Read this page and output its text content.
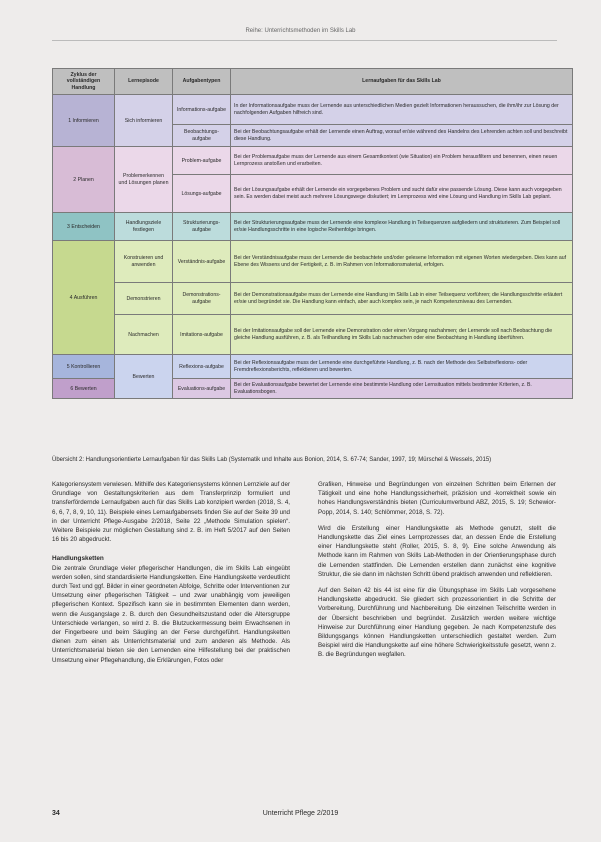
Reihe: Unterrichtsmethoden im Skills Lab
Zyklus der vollständigen Handlung	Lernepisode	Aufgabentypen	Lernaufgaben für das Skills Lab
1 Informieren	Sich informieren	Informations-aufgabe	In der Informationsaufgabe muss der Lernende aus unterschiedlichen Medien gezielt Informationen heraussuchen, die ihm/ihr zur Lösung der nachfolgenden Aufgaben hilfreich sind.
		Beobachtungs-aufgabe	Bei der Beobachtungsaufgabe erhält der Lernende einen Auftrag, worauf er/sie während des Handelns des Lehrenden achten soll und beschreibt diese Handlung.
2 Planen	Problemerkennen und Lösungen planen	Problem-aufgabe	Bei der Problemaufgabe muss der Lernende aus einem Gesamtkontext (wie Situation) ein Problem herausfiltern und benennen, einen neuen Lernprozess anstoßen und erarbeiten.
		Lösungs-aufgabe	Bei der Lösungsaufgabe erhält der Lernende ein vorgegebenes Problem und sucht dafür eine passende Lösung. Diese kann auch vorgegeben sein. Es werden dabei meist auch mehrere Lösungswege diskutiert; im Lernprozess wird eine Lösung und Handlung im Skills Lab geplant.
3 Entscheiden	Handlungsziele festlegen	Strukturierungs-aufgabe	Bei der Strukturierungsaufgabe muss der Lernende eine komplexe Handlung in Teilsequenzen aufgliedern und strukturieren. Zum Beispiel soll er/sie Handlungsschritte in eine logische Reihenfolge bringen.
4 Ausführen	Konstruieren und anwenden	Verständnis-aufgabe	Bei der Verständnisaufgabe muss der Lernende die beobachtete und/oder gelesene Information mit eigenen Worten wiedergeben. Dies kann auf Ebene des Wissens und der Fertigkeit, z. B. im Rahmen von Informationsmaterial, erfolgen.
	Demonstrieren	Demonstrations-aufgabe	Bei der Demonstrationsaufgabe muss der Lernende eine Handlung im Skills Lab in einer Teilsequenz vorführen; die Handlungsschritte erläutert er/sie und begründet sie. Die Handlung kann einfach, aber auch komplex sein, je nach Kompetenzniveau des Lernenden.
	Nachmachen	Imitations-aufgabe	Bei der Imitationsaufgabe soll der Lernende eine Demonstration oder einen Vorgang nachahmen; der Lernende soll nach Beobachtung die gleiche Handlung ausführen, z. B. als Teilhandlung im Skills Lab nachmachen oder eine Beobachtung in Handlung überführen.
5 Kontrollieren	Bewerten	Reflexions-aufgabe	Bei der Reflexionsaufgabe muss der Lernende eine durchgeführte Handlung, z. B. nach der Methode des Selbstreflexions- oder Fremdreflexionsberichts, reflektieren und bewerten.
6 Bewerten		Evaluations-aufgabe	Bei der Evaluationsaufgabe bewertet der Lernende eine bestimmte Handlung oder Lernsituation mittels bestimmter Kriterien, z. B. Evaluationsbogen.
Übersicht 2: Handlungsorientierte Lernaufgaben für das Skills Lab (Systematik und Inhalte aus Bonion, 2014, S. 67-74; Sander, 1997, 19; Mürschel & Wessels, 2015)

Kategoriensystem verwiesen. Mithilfe des Kategoriensystems können Lernziele auf der Grundlage von Gestaltungskriterien aus dem Transferprinzip formuliert und transferfördernde Lernaufgaben auch für das Skills Lab konzipiert werden (2018, S. 4, 6, 6, 7, 8, 9, 10, 11). Beispiele eines Lernaufgabensets finden Sie auf der Seite 39 und in der Unterricht Pflege-Ausgabe 2/2018, Seite 22 „Methode Simulation spielen“. Weitere Beispiele zur möglichen Gestaltung sind z. B. im Heft 5/2017 auf den Seiten 16 bis 20 abgedruckt.

Handlungsketten

Die zentrale Grundlage vieler pflegerischer Handlungen, die im Skills Lab eingeübt werden sollen, sind standardisierte Handlungsketten. Eine Handlungskette verdeutlicht durch Text und ggf. Bilder in einer geordneten Abfolge, Schritte oder Interventionen zur Umsetzung einer pflegerischen Tätigkeit – und zwar unabhängig vom jeweiligen pflegerischen Kontext. Spezifisch kann sie in bestimmten Elementen dann werden, wenn die Ausgangslage z. B. durch den Gesundheitszustand oder die Altersgruppe Unterschiede verlangen, so wird z. B. die Blutzuckermessung beim Erwachsenen in der Fingerbeere und beim Säugling an der Ferse durchgeführt. Handlungsketten dienen zum einen als Unterrichtsmaterial und zum anderen als Methode. Als Unterrichtsmaterial bieten sie den Lernenden eine Hilfestellung bei der praktischen Umsetzung einer Pflegehandlung, die Erklärungen, Fotos oder

Grafiken, Hinweise und Begründungen von einzelnen Schritten beim Erlernen der Tätigkeit und eine hohe Handlungssicherheit, präzision und -korrektheit sowie ein hohes Handlungsverständnis bieten (Curriculumverbund ABZ, 2015, S. 19; Schewior-Popp, 2014, S. 140; Schlömmer, 2018, S. 72).

Wird die Erstellung einer Handlungskette als Methode genutzt, stellt die Handlungskette das Ziel eines Lernprozesses dar, an dessen Ende die Erstellung einer Handlungskette steht (Roller, 2015, S. 8, 9). Eine solche Anwendung als Methode kann im Rahmen von Skills Lab-Methoden in der Orientierungsphase durch die Lernenden stattfinden. Die Lernenden erstellen dann zunächst eine kognitive Struktur, die sie dann im nächsten Schritt übend praktisch anwenden und reflektieren.

Auf den Seiten 42 bis 44 ist eine für die Übungsphase im Skills Lab vorgesehene Handlungskette abgedruckt. Sie gliedert sich prozessorientiert in die Schritte der Vorbereitung, Durchführung und Nachbereitung. Die einzelnen Teilschritte werden in der Übersicht beschrieben und begründet. Zusätzlich werden weitere wichtige Hinweise zur Durchführung einer Handlung gegeben. Je nach Kompetenzstufe des Bildungsgangs können Handlungsketten unterschiedlich gestaltet werden. Zum Beispiel wird die Handlungskette auf eine höhere Schwierigkeitsstufe gesetzt, wenn z. B. die Begründungen wegfallen.

34	Unterricht Pflege 2/2019
